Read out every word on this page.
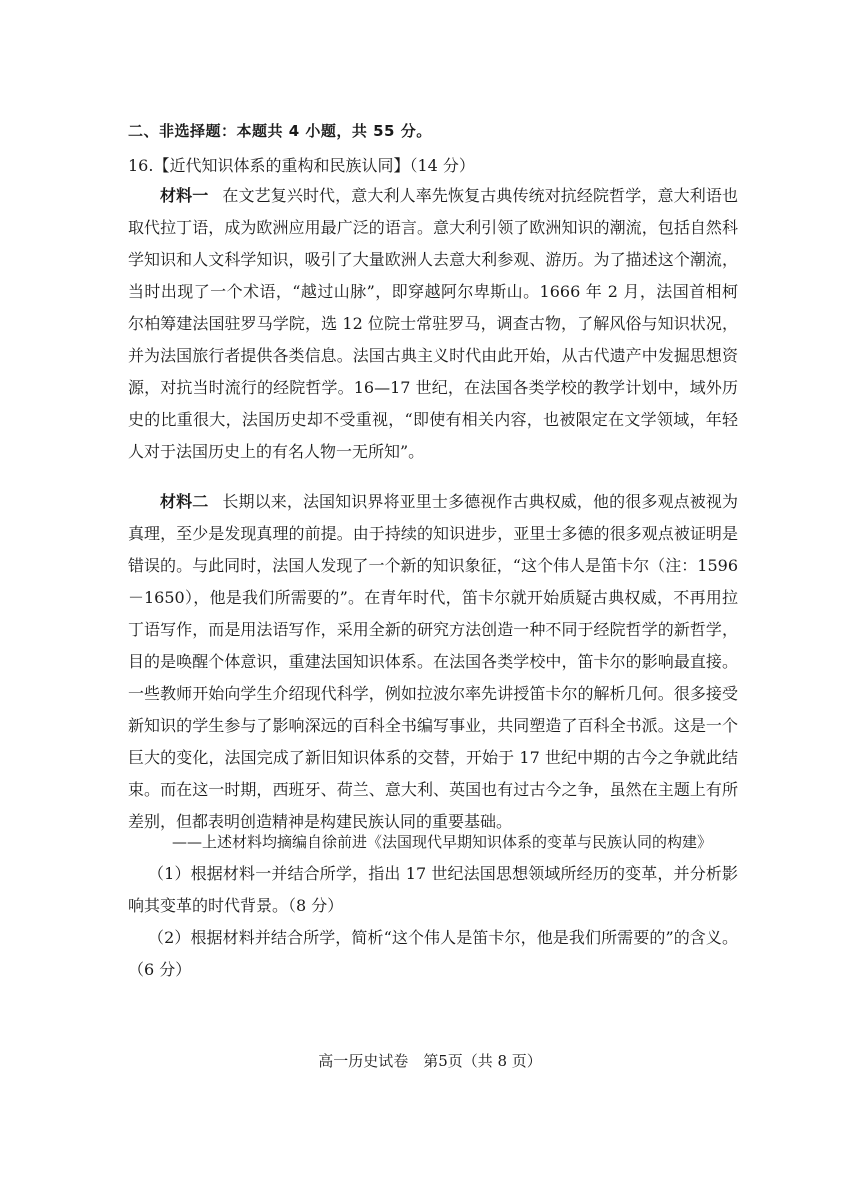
二、非选择题：本题共 4 小题，共 55 分。
16.【近代知识体系的重构和民族认同】（14 分）
材料一 在文艺复兴时代，意大利人率先恢复古典传统对抗经院哲学，意大利语也取代拉丁语，成为欧洲应用最广泛的语言。意大利引领了欧洲知识的潮流，包括自然科学知识和人文科学知识，吸引了大量欧洲人去意大利参观、游历。为了描述这个潮流，当时出现了一个术语，“越过山脉”，即穿越阿尔卑斯山。1666 年 2 月，法国首相柯尔柏筹建法国驻罗马学院，选 12 位院士常驻罗马，调查古物，了解风俗与知识状况，并为法国旅行者提供各类信息。法国古典主义时代由此开始，从古代遗产中发掘思想资源，对抗当时流行的经院哲学。16—17 世纪，在法国各类学校的教学计划中，域外历史的比重很大，法国历史却不受重视，“即使有相关内容，也被限定在文学领域，年轻人对于法国历史上的有名人物一无所知”。
材料二 长期以来，法国知识界将亚里士多德视作古典权威，他的很多观点被视为真理，至少是发现真理的前提。由于持续的知识进步，亚里士多德的很多观点被证明是错误的。与此同时，法国人发现了一个新的知识象征，“这个伟人是笛卡尔（注：1596－1650），他是我们所需要的”。在青年时代，笛卡尔就开始质疑古典权威，不再用拉丁语写作，而是用法语写作，采用全新的研究方法创造一种不同于经院哲学的新哲学，目的是唤醒个体意识，重建法国知识体系。在法国各类学校中，笛卡尔的影响最直接。一些教师开始向学生介绍现代科学，例如拉波尔率先讲授笛卡尔的解析几何。很多接受新知识的学生参与了影响深远的百科全书编写事业，共同塑造了百科全书派。这是一个巨大的变化，法国完成了新旧知识体系的交替，开始于 17 世纪中期的古今之争就此结束。而在这一时期，西班牙、荷兰、意大利、英国也有过古今之争，虽然在主题上有所差别，但都表明创造精神是构建民族认同的重要基础。
——上述材料均摘编自徐前进《法国现代早期知识体系的变革与民族认同的构建》
（1）根据材料一并结合所学，指出 17 世纪法国思想领域所经历的变革，并分析影响其变革的时代背景。（8 分）
（2）根据材料并结合所学，简析“这个伟人是笛卡尔，他是我们所需要的”的含义。（6 分）
高一历史试卷　第5页（共 8 页）
